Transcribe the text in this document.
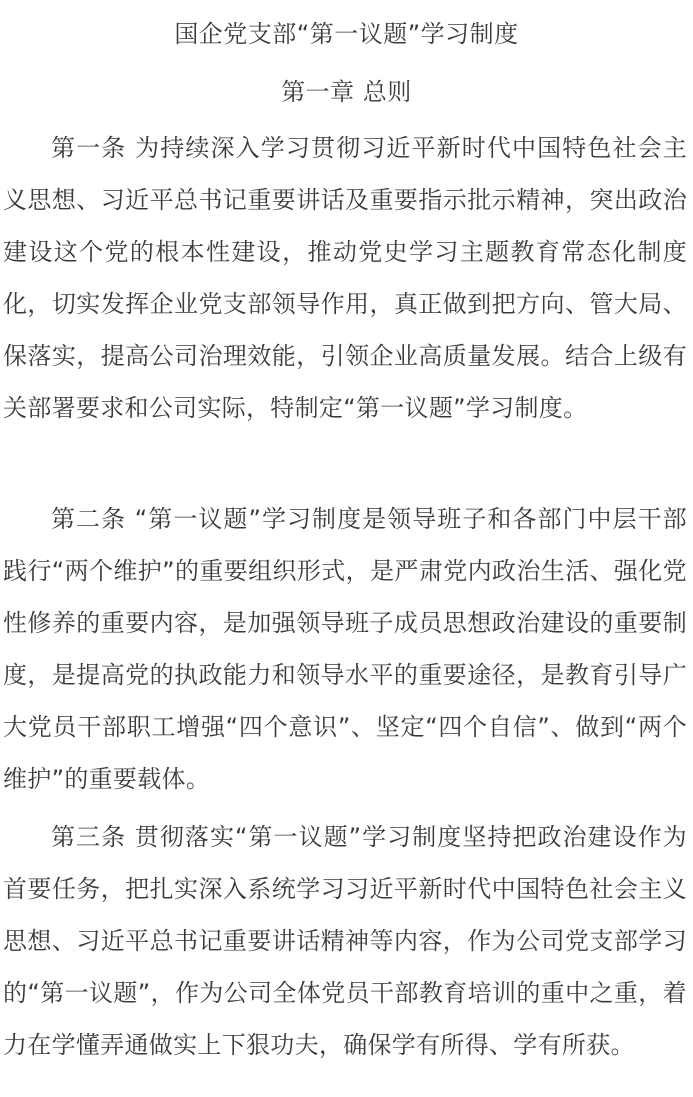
国企党支部“第一议题”学习制度
第一章 总则

第一条 为持续深入学习贯彻习近平新时代中国特色社会主义思想、习近平总书记重要讲话及重要指示批示精神，突出政治建设这个党的根本性建设，推动党史学习主题教育常态化制度化，切实发挥企业党支部领导作用，真正做到把方向、管大局、保落实，提高公司治理效能，引领企业高质量发展。结合上级有关部署要求和公司实际，特制定“第一议题”学习制度。

第二条 “第一议题”学习制度是领导班子和各部门中层干部践行“两个维护”的重要组织形式，是严肃党内政治生活、强化党性修养的重要内容，是加强领导班子成员思想政治建设的重要制度，是提高党的执政能力和领导水平的重要途径，是教育引导广大党员干部职工增强“四个意识”、坚定“四个自信”、做到“两个维护”的重要载体。

第三条 贯彻落实“第一议题”学习制度坚持把政治建设作为首要任务，把扎实深入系统学习习近平新时代中国特色社会主义思想、习近平总书记重要讲话精神等内容，作为公司党支部学习的“第一议题”，作为公司全体党员干部教育培训的重中之重，着力在学懂弄通做实上下狠功夫，确保学有所得、学有所获。
